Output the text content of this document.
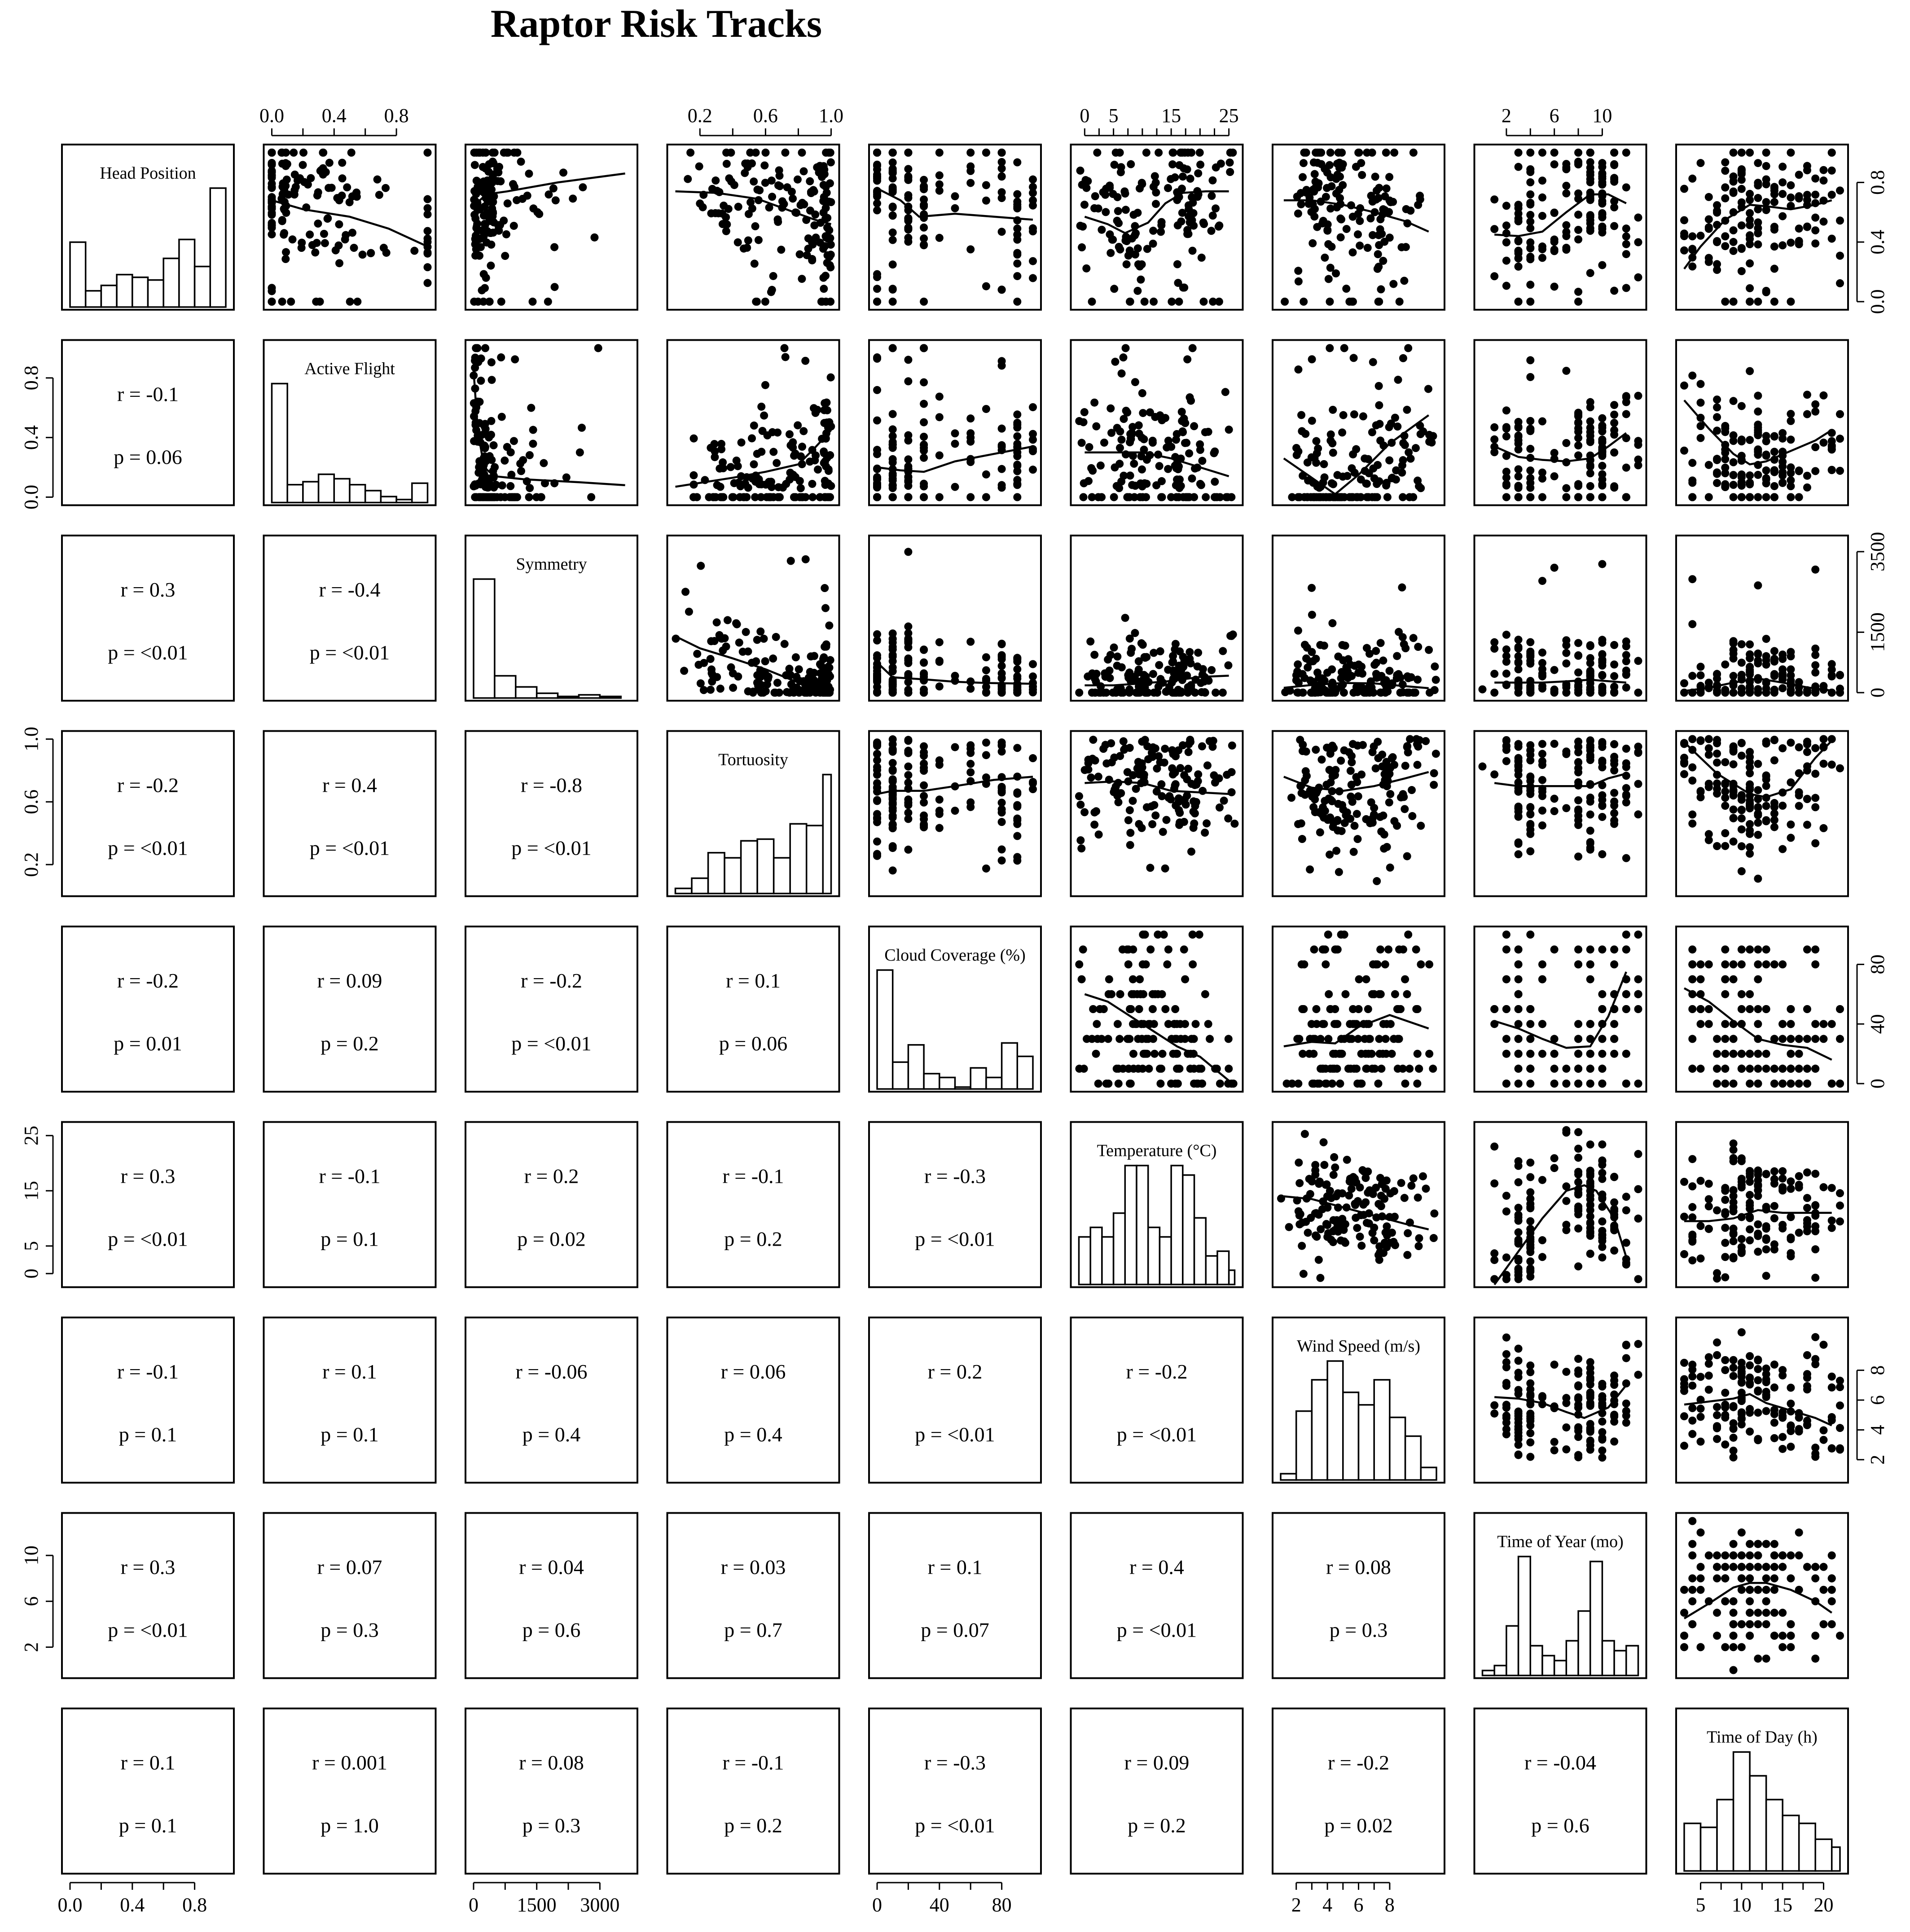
Raptor Risk Tracks
Head Position
r = -0.1
p = 0.06
Active Flight
r = 0.3
p = <0.01
r = -0.4
p = <0.01
Symmetry
r = -0.2
p = <0.01
r = 0.4
p = <0.01
r = -0.8
p = <0.01
Tortuosity
r = -0.2
p = 0.01
r = 0.09
p = 0.2
r = -0.2
p = <0.01
r = 0.1
p = 0.06
Cloud Coverage (%)
r = 0.3
p = <0.01
r = -0.1
p = 0.1
r = 0.2
p = 0.02
r = -0.1
p = 0.2
r = -0.3
p = <0.01
Temperature (°C)
r = -0.1
p = 0.1
r = 0.1
p = 0.1
r = -0.06
p = 0.4
r = 0.06
p = 0.4
r = 0.2
p = <0.01
r = -0.2
p = <0.01
Wind Speed (m/s)
r = 0.3
p = <0.01
r = 0.07
p = 0.3
r = 0.04
p = 0.6
r = 0.03
p = 0.7
r = 0.1
p = 0.07
r = 0.4
p = <0.01
r = 0.08
p = 0.3
Time of Year (mo)
r = 0.1
p = 0.1
r = 0.001
p = 1.0
r = 0.08
p = 0.3
r = -0.1
p = 0.2
r = -0.3
p = <0.01
r = 0.09
p = 0.2
r = -0.2
p = 0.02
r = -0.04
p = 0.6
Time of Day (h)
0.0 0.4 0.8
0.0 0.4 0.8
0 1500 3000
0.2 0.6 1.0
0 40 80
0 5 15 25
2 4 6 8
2 6 10
5 10 15 20
0.0
0.4
0.8
0
1500
3500
0
40
80
2
4
6
8
0.0
0.4
0.8
0.2
0.6
1.0
0
5
15
25
2
6
10
